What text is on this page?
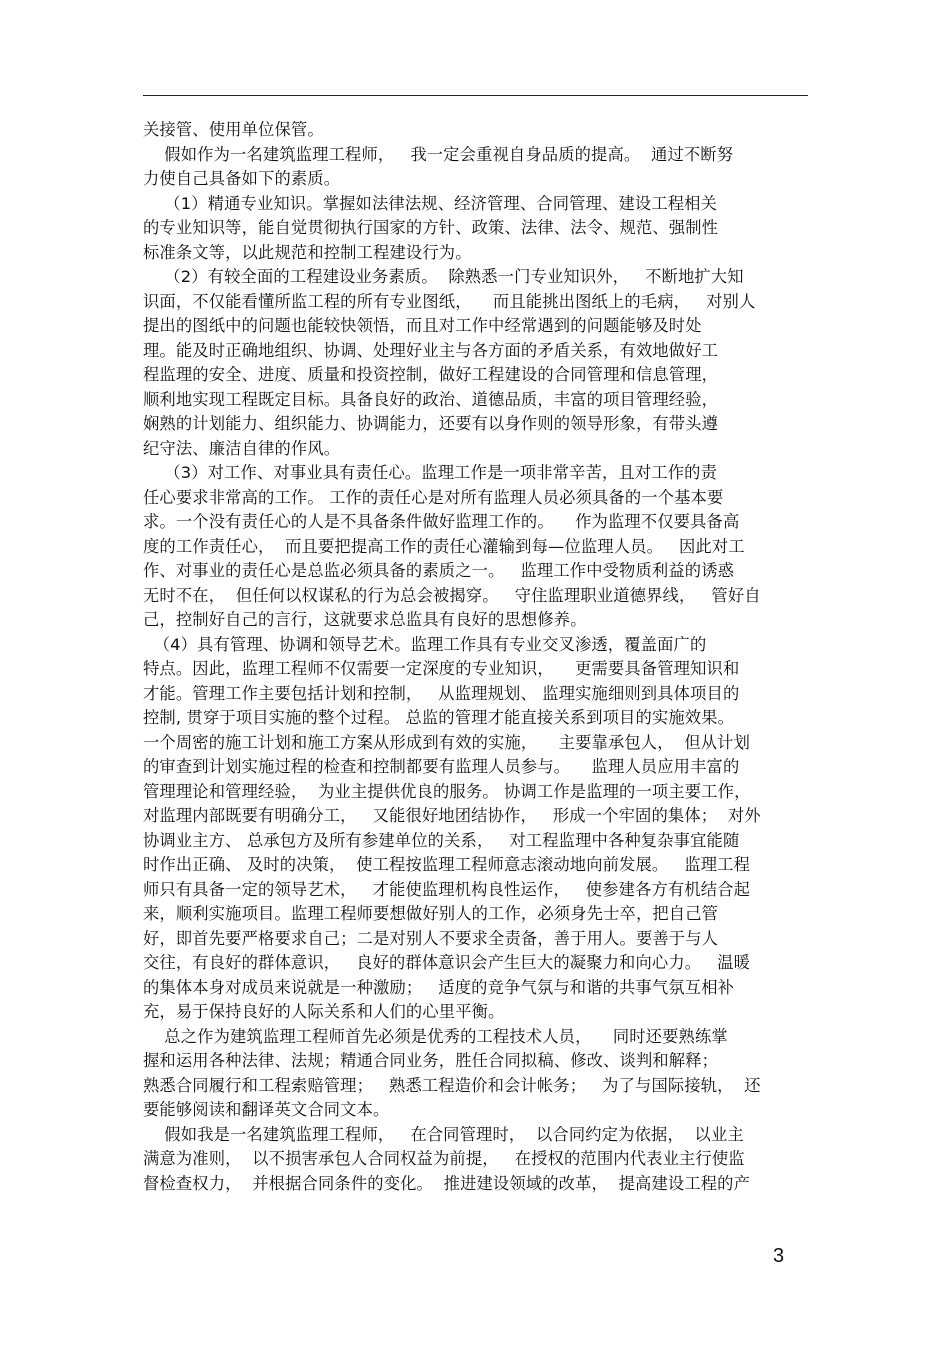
关接管、使用单位保管。
假如作为一名建筑监理工程师，   我一定会重视自身品质的提高。  通过不断努
力使自己具备如下的素质。
（1）精通专业知识。掌握如法律法规、经济管理、合同管理、建设工程相关
的专业知识等，能自觉贯彻执行国家的方针、政策、法律、法令、规范、强制性
标准条文等，以此规范和控制工程建设行为。
（2）有较全面的工程建设业务素质。  除熟悉一门专业知识外，   不断地扩大知
识面，不仅能看懂所监工程的所有专业图纸，    而且能挑出图纸上的毛病，   对别人
提出的图纸中的问题也能较快领悟，而且对工作中经常遇到的问题能够及时处
理。能及时正确地组织、协调、处理好业主与各方面的矛盾关系，有效地做好工
程监理的安全、进度、质量和投资控制，做好工程建设的合同管理和信息管理，
顺利地实现工程既定目标。具备良好的政治、道德品质，丰富的项目管理经验，
娴熟的计划能力、组织能力、协调能力，还要有以身作则的领导形象，有带头遵
纪守法、廉洁自律的作风。
（3）对工作、对事业具有责任心。监理工作是一项非常辛苦，且对工作的责
任心要求非常高的工作。 工作的责任心是对所有监理人员必须具备的一个基本要
求。一个没有责任心的人是不具备条件做好监理工作的。    作为监理不仅要具备高
度的工作责任心，  而且要把提高工作的责任心灌输到每—位监理人员。   因此对工
作、对事业的责任心是总监必须具备的素质之一。   监理工作中受物质利益的诱惑
无时不在，  但任何以权谋私的行为总会被揭穿。   守住监理职业道德界线，   管好自
己，控制好自己的言行，这就要求总监具有良好的思想修养。
（4）具有管理、协调和领导艺术。监理工作具有专业交叉渗透，覆盖面广的
特点。因此，监理工程师不仅需要一定深度的专业知识，    更需要具备管理知识和
才能。管理工作主要包括计划和控制，   从监理规划、 监理实施细则到具体项目的
控制, 贯穿于项目实施的整个过程。 总监的管理才能直接关系到项目的实施效果。
一个周密的施工计划和施工方案从形成到有效的实施，    主要靠承包人，  但从计划
的审查到计划实施过程的检查和控制都要有监理人员参与。    监理人员应用丰富的
管理理论和管理经验，  为业主提供优良的服务。 协调工作是监理的一项主要工作，
对监理内部既要有明确分工，   又能很好地团结协作，   形成一个牢固的集体；  对外
协调业主方、 总承包方及所有参建单位的关系，   对工程监理中各种复杂事宜能随
时作出正确、 及时的决策，  使工程按监理工程师意志滚动地向前发展。   监理工程
师只有具备一定的领导艺术，   才能使监理机构良性运作，   使参建各方有机结合起
来，顺利实施项目。监理工程师要想做好别人的工作，必须身先士卒，把自己管
好，即首先要严格要求自己；二是对别人不要求全责备，善于用人。要善于与人
交往，有良好的群体意识，   良好的群体意识会产生巨大的凝聚力和向心力。   温暖
的集体本身对成员来说就是一种激励；   适度的竞争气氛与和谐的共事气氛互相补
充，易于保持良好的人际关系和人们的心里平衡。
总之作为建筑监理工程师首先必须是优秀的工程技术人员，    同时还要熟练掌
握和运用各种法律、法规；精通合同业务，胜任合同拟稿、修改、谈判和解释；
熟悉合同履行和工程索赔管理；   熟悉工程造价和会计帐务；   为了与国际接轨，  还
要能够阅读和翻译英文合同文本。
假如我是一名建筑监理工程师，   在合同管理时，  以合同约定为依据，  以业主
满意为准则，  以不损害承包人合同权益为前提，   在授权的范围内代表业主行使监
督检查权力，  并根据合同条件的变化。  推进建设领域的改革，  提高建设工程的产
3
